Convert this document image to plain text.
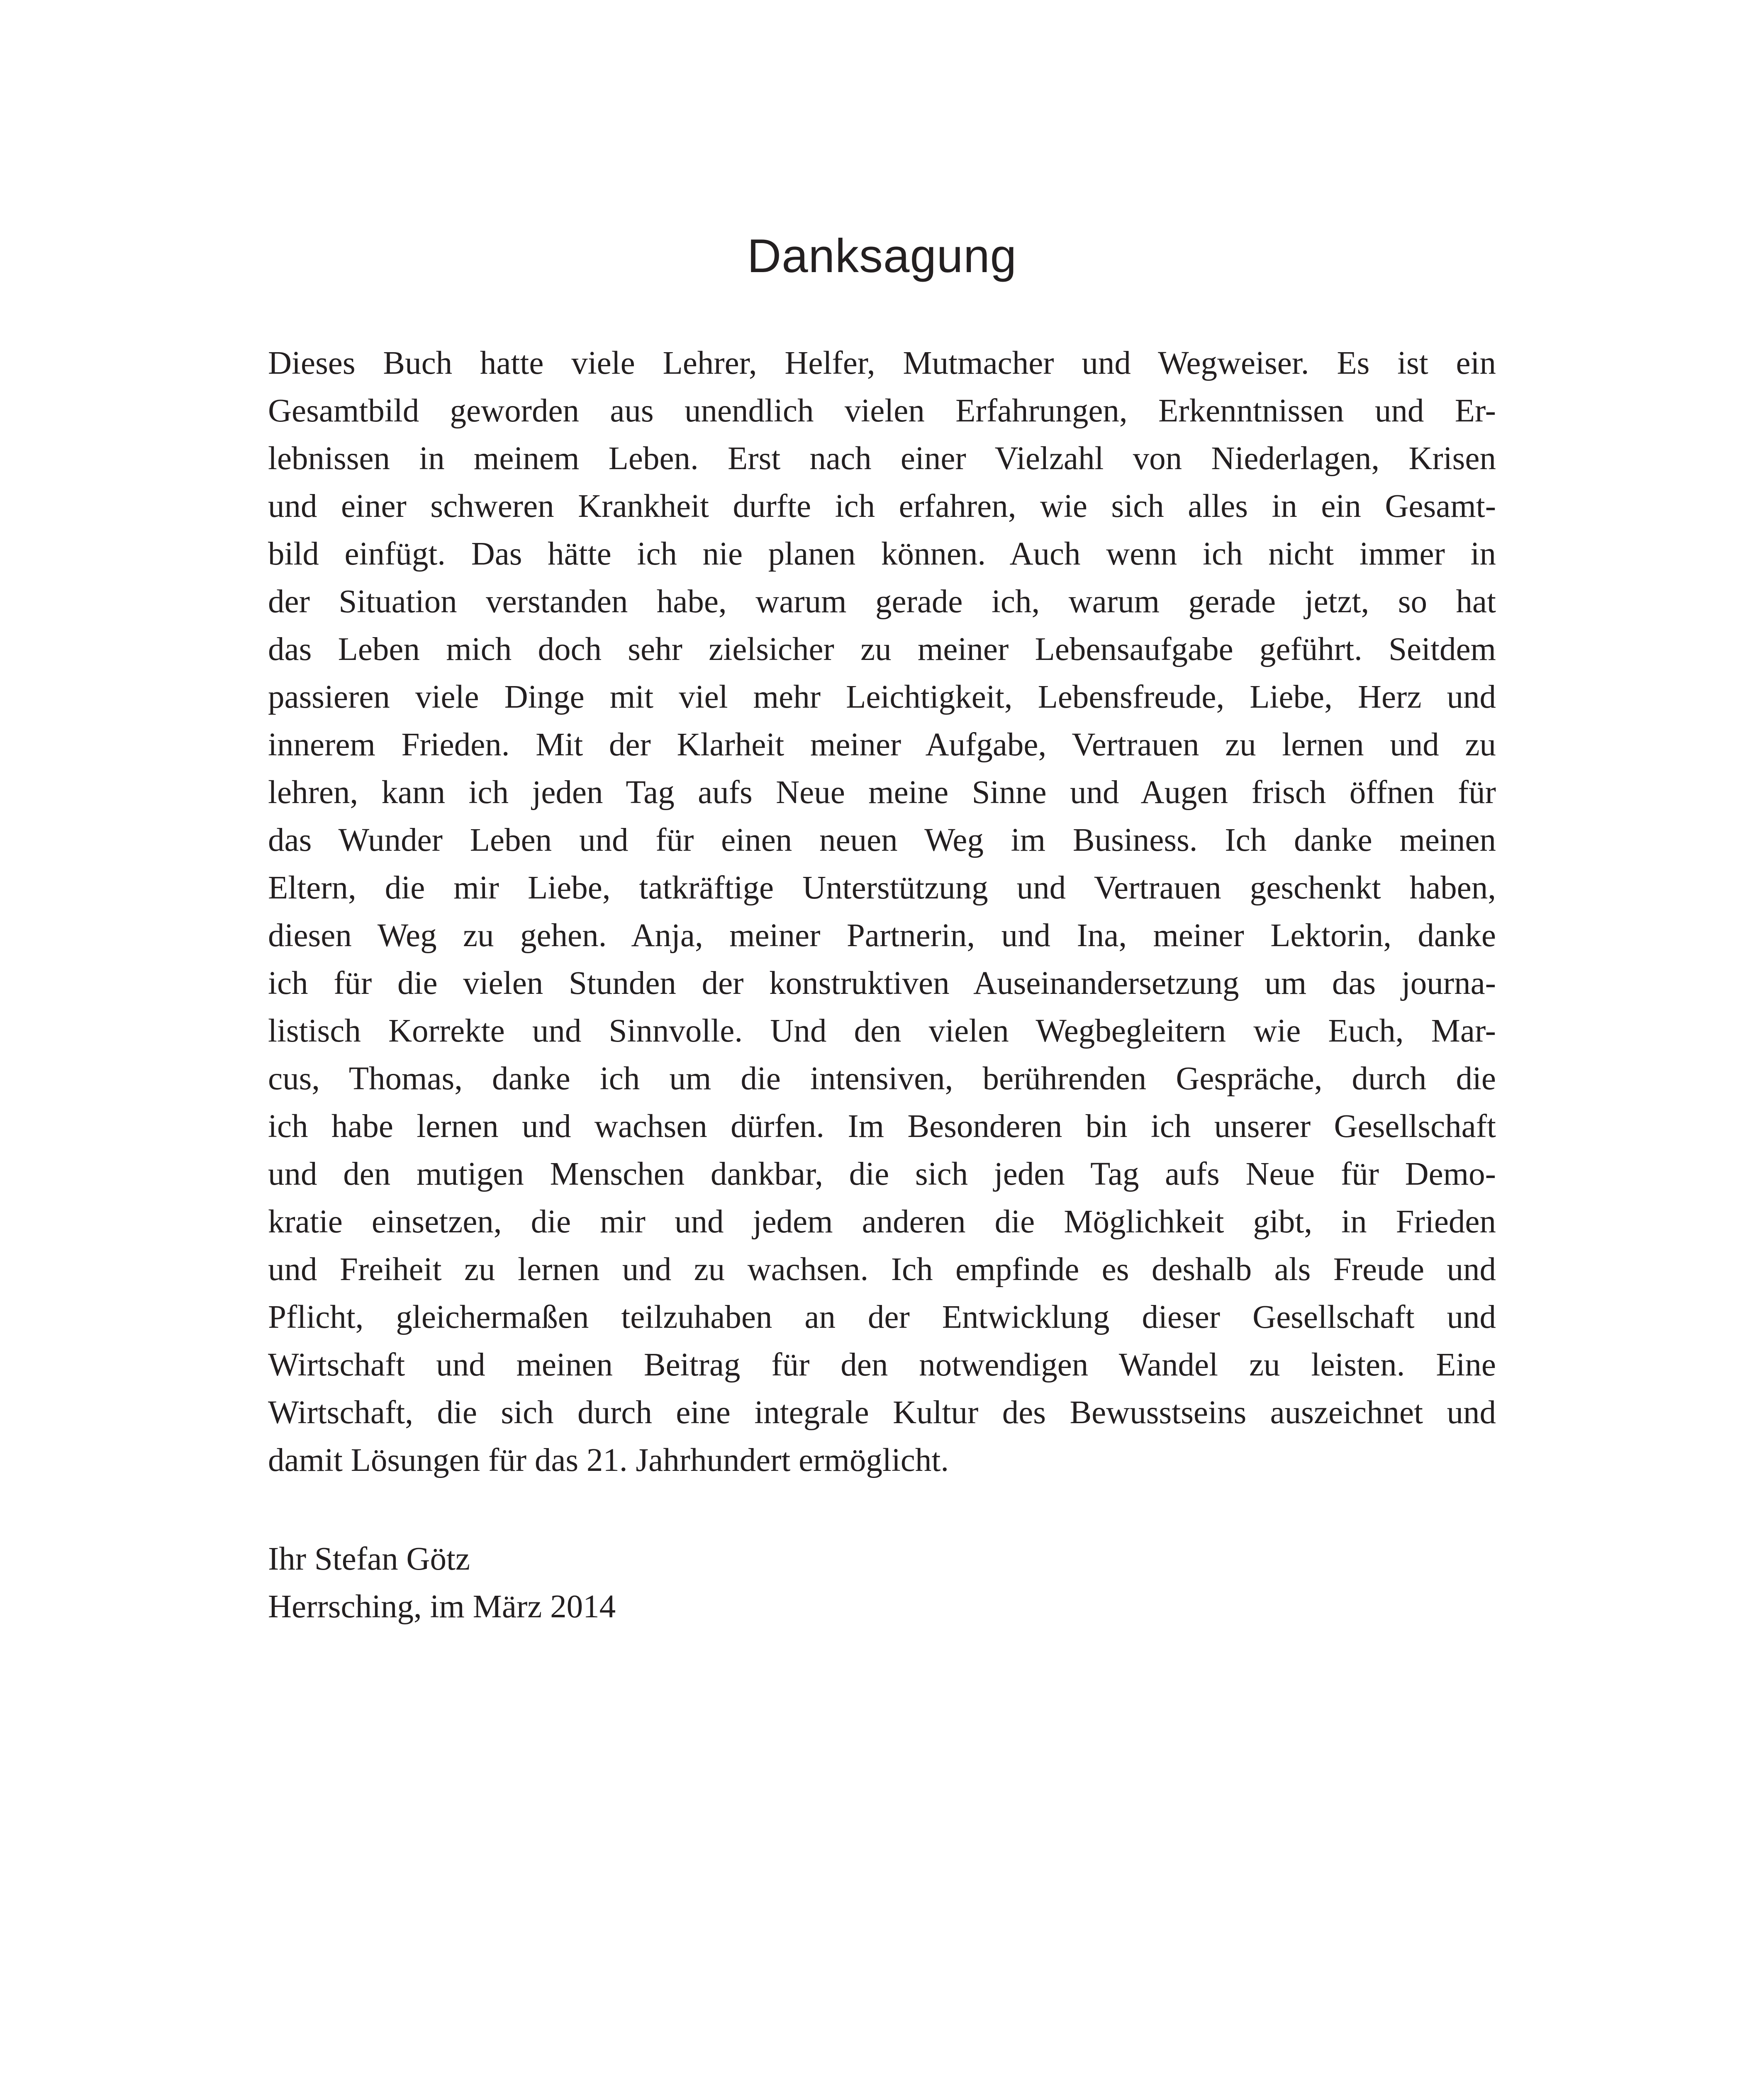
Danksagung
Dieses Buch hatte viele Lehrer, Helfer, Mutmacher und Wegweiser. Es ist ein
Gesamtbild geworden aus unendlich vielen Erfahrungen, Erkenntnissen und Er-
lebnissen in meinem Leben. Erst nach einer Vielzahl von Niederlagen, Krisen
und einer schweren Krankheit durfte ich erfahren, wie sich alles in ein Gesamt-
bild einfügt. Das hätte ich nie planen können. Auch wenn ich nicht immer in
der Situation verstanden habe, warum gerade ich, warum gerade jetzt, so hat
das Leben mich doch sehr zielsicher zu meiner Lebensaufgabe geführt. Seitdem
passieren viele Dinge mit viel mehr Leichtigkeit, Lebensfreude, Liebe, Herz und
innerem Frieden. Mit der Klarheit meiner Aufgabe, Vertrauen zu lernen und zu
lehren, kann ich jeden Tag aufs Neue meine Sinne und Augen frisch öffnen für
das Wunder Leben und für einen neuen Weg im Business. Ich danke meinen
Eltern, die mir Liebe, tatkräftige Unterstützung und Vertrauen geschenkt haben,
diesen Weg zu gehen. Anja, meiner Partnerin, und Ina, meiner Lektorin, danke
ich für die vielen Stunden der konstruktiven Auseinandersetzung um das journa-
listisch Korrekte und Sinnvolle. Und den vielen Wegbegleitern wie Euch, Mar-
cus, Thomas, danke ich um die intensiven, berührenden Gespräche, durch die
ich habe lernen und wachsen dürfen. Im Besonderen bin ich unserer Gesellschaft
und den mutigen Menschen dankbar, die sich jeden Tag aufs Neue für Demo-
kratie einsetzen, die mir und jedem anderen die Möglichkeit gibt, in Frieden
und Freiheit zu lernen und zu wachsen. Ich empfinde es deshalb als Freude und
Pflicht, gleichermaßen teilzuhaben an der Entwicklung dieser Gesellschaft und
Wirtschaft und meinen Beitrag für den notwendigen Wandel zu leisten. Eine
Wirtschaft, die sich durch eine integrale Kultur des Bewusstseins auszeichnet und
damit Lösungen für das 21. Jahrhundert ermöglicht.
Ihr Stefan Götz
Herrsching, im März 2014
